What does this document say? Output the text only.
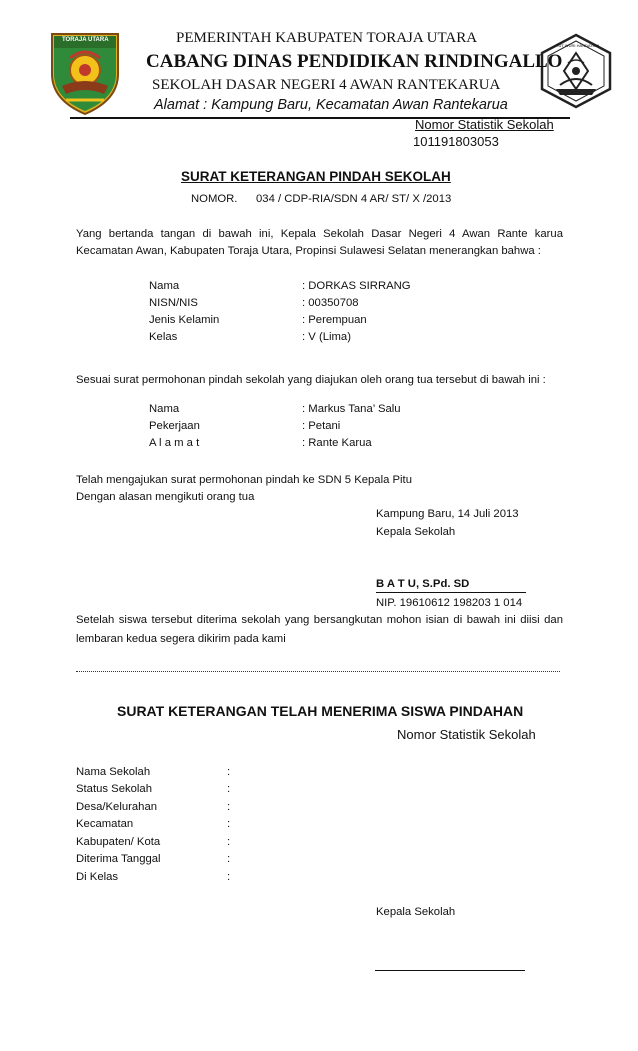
TORAJA UTARA
TUT WURI HANDAYANI
PEMERINTAH KABUPATEN TORAJA UTARA
CABANG DINAS PENDIDIKAN RINDINGALLO
SEKOLAH DASAR NEGERI 4 AWAN RANTEKARUA
Alamat : Kampung Baru, Kecamatan Awan Rantekarua
Nomor Statistik Sekolah
101191803053
SURAT KETERANGAN PINDAH SEKOLAH
NOMOR. 034 / CDP-RIA/SDN 4 AR/ ST/ X /2013
Yang bertanda tangan di bawah ini, Kepala Sekolah Dasar Negeri 4 Awan Rante karua
Kecamatan Awan, Kabupaten Toraja Utara, Propinsi Sulawesi Selatan menerangkan bahwa :
Nama	: DORKAS SIRRANG
NISN/NIS	: 00350708
Jenis Kelamin	: Perempuan
Kelas	: V (Lima)
Sesuai surat permohonan pindah sekolah yang diajukan oleh orang tua tersebut di bawah ini :
Nama	: Markus Tana’ Salu
Pekerjaan	: Petani
A l a m a t	: Rante Karua
Telah mengajukan surat permohonan pindah ke SDN 5 Kepala Pitu
Dengan alasan mengikuti orang tua
Kampung Baru, 14 Juli 2013
Kepala Sekolah
B A T U, S.Pd. SD
NIP. 19610612 198203 1 014
Setelah siswa tersebut diterima sekolah yang bersangkutan mohon isian di bawah ini diisi dan
lembaran kedua segera dikirim pada kami
SURAT KETERANGAN TELAH MENERIMA SISWA PINDAHAN
Nomor Statistik Sekolah
Nama Sekolah	:
Status Sekolah	:
Desa/Kelurahan	:
Kecamatan	:
Kabupaten/ Kota	:
Diterima Tanggal	:
Di Kelas	:
Kepala Sekolah
